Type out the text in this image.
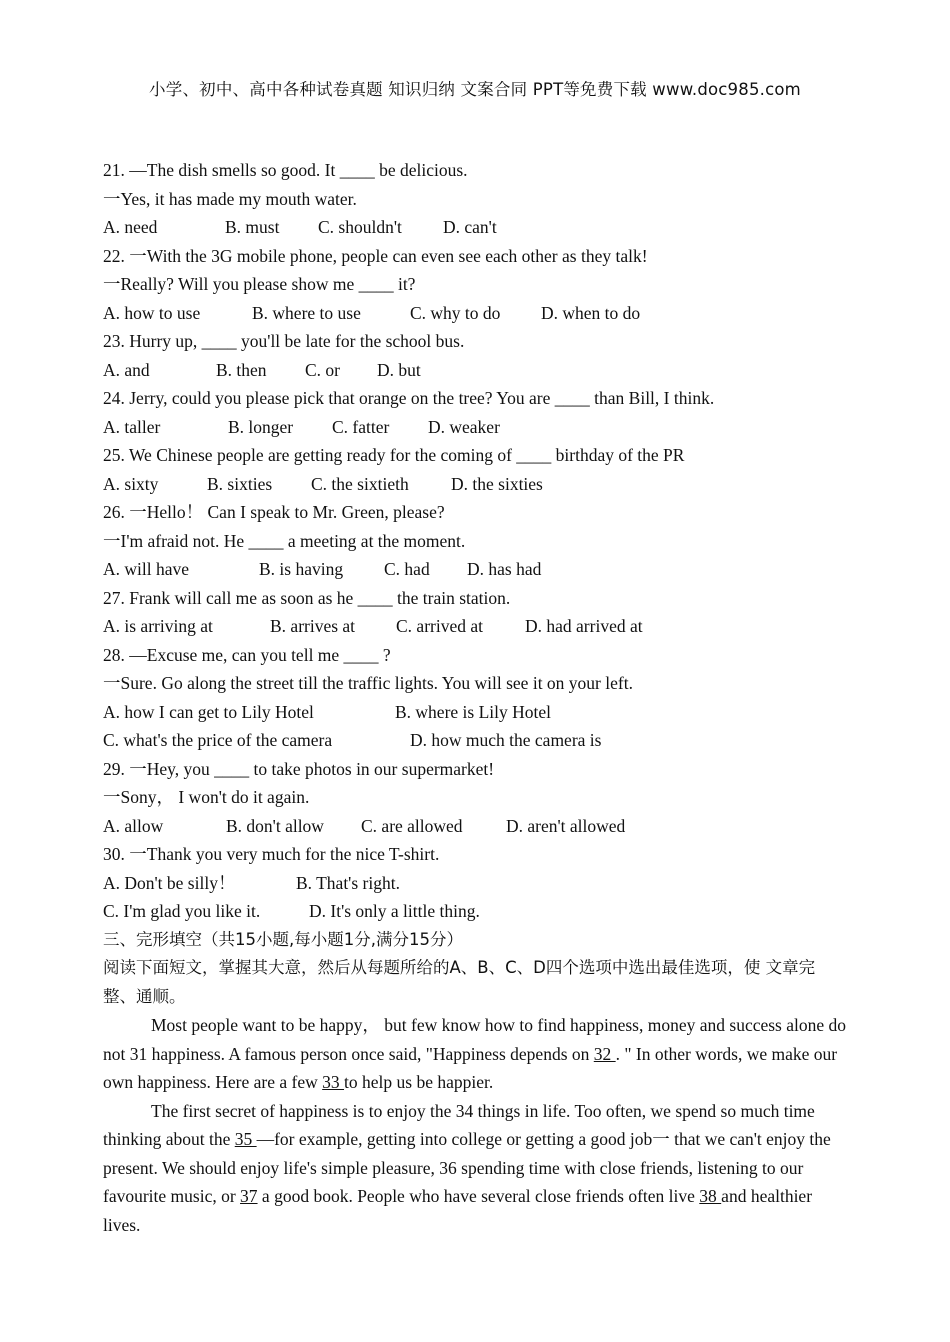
小学、初中、高中各种试卷真题 知识归纳 文案合同 PPT等免费下载 www.doc985.com
21. —The dish smells so good. It ____ be delicious.
一Yes, it has made my mouth water.
A. need	B. must C. shouldn't D. can't
22. 一With the 3G mobile phone, people can even see each other as they talk!
一Really? Will you please show me ____ it?
A. how to use	B. where to use	C. why to do D. when to do
23. Hurry up, ____ you'll be late for the school bus.
A. and	B. then C. or D. but
24. Jerry, could you please pick that orange on the tree? You are ____ than Bill, I think.
A. taller	B. longer C. fatter D. weaker
25. We Chinese people are getting ready for the coming of ____ birthday of the PR
A. sixty	B. sixties C. the sixtieth D. the sixties
26. 一Hello！ Can I speak to Mr. Green, please?
一I'm afraid not. He ____ a meeting at the moment.
A. will have	B. is having C. had D. has had
27. Frank will call me as soon as he ____ the train station.
A. is arriving at	B. arrives at C. arrived at D. had arrived at
28. —Excuse me, can you tell me ____ ?
一Sure. Go along the street till the traffic lights. You will see it on your left.
A. how I can get to Lily Hotel	B. where is Lily Hotel
C. what's the price of the camera	D. how much the camera is
29. 一Hey, you ____ to take photos in our supermarket!
一Sony， I won't do it again.
A. allow	B. don't allow C. are allowed D. aren't allowed
30. 一Thank you very much for the nice T-shirt.
A. Don't be silly！	B. That's right.
C. I'm glad you like it.	D. It's only a little thing.
三、完形填空（共15小题,每小题1分,满分15分）
阅读下面短文，掌握其大意，然后从每题所给的A、B、C、D四个选项中选出最佳选项，使 文章完整、通顺。
Most people want to be happy， but few know how to find happiness, money and success alone do not 31 happiness. A famous person once said, "Happiness depends on 32 . " In other words, we make our own happiness. Here are a few 33 to help us be happier.
The first secret of happiness is to enjoy the 34 things in life. Too often, we spend so much time thinking about the 35 —for example, getting into college or getting a good job一 that we can't enjoy the present. We should enjoy life's simple pleasure, 36 spending time with close friends, listening to our favourite music, or 37 a good book. People who have several close friends often live 38 and healthier lives.
